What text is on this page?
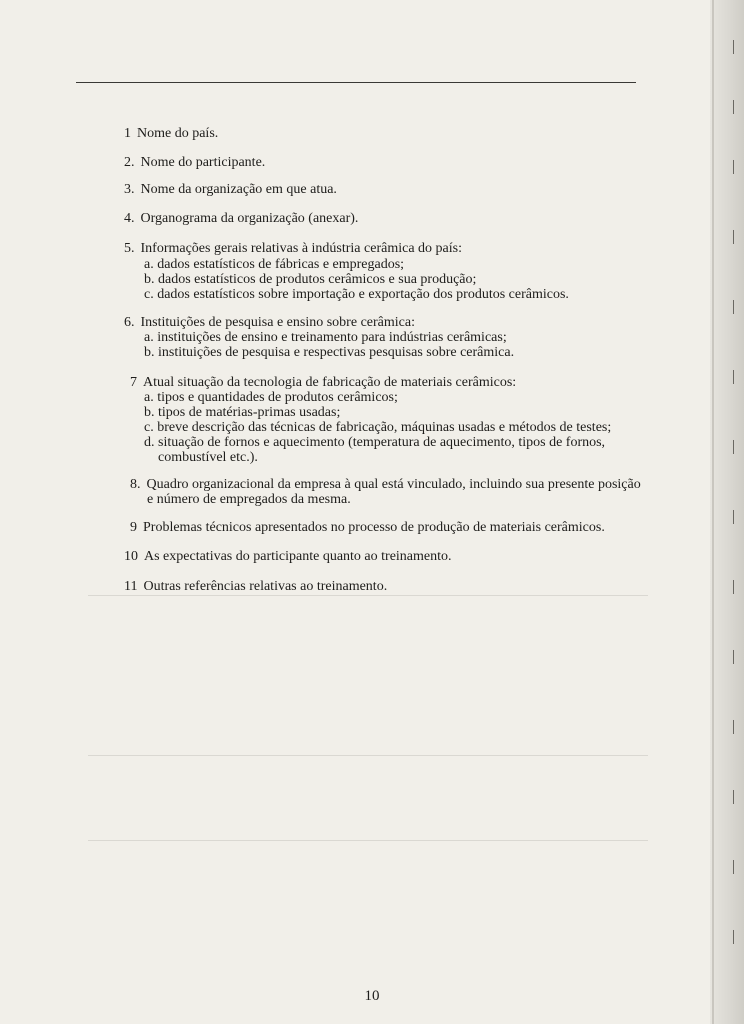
1 Nome do país.
2. Nome do participante.
3. Nome da organização em que atua.
4. Organograma da organização (anexar).
5. Informações gerais relativas à indústria cerâmica do país:
a. dados estatísticos de fábricas e empregados;
b. dados estatísticos de produtos cerâmicos e sua produção;
c. dados estatísticos sobre importação e exportação dos produtos cerâmicos.
6. Instituições de pesquisa e ensino sobre cerâmica:
a. instituições de ensino e treinamento para indústrias cerâmicas;
b. instituições de pesquisa e respectivas pesquisas sobre cerâmica.
7 Atual situação da tecnologia de fabricação de materiais cerâmicos:
a. tipos e quantidades de produtos cerâmicos;
b. tipos de matérias-primas usadas;
c. breve descrição das técnicas de fabricação, máquinas usadas e métodos de testes;
d. situação de fornos e aquecimento (temperatura de aquecimento, tipos de fornos,
combustível etc.).
8. Quadro organizacional da empresa à qual está vinculado, incluindo sua presente posição
e número de empregados da mesma.
9 Problemas técnicos apresentados no processo de produção de materiais cerâmicos.
10 As expectativas do participante quanto ao treinamento.
11 Outras referências relativas ao treinamento.
10
